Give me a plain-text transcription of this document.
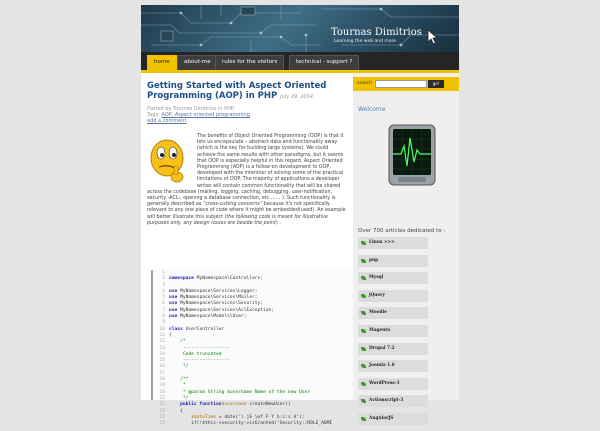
Tournas Dimitrios
Learning the web and more
home	about-me	rules for the visitors	technical - support ?
Getting Started with Aspect Oriented Programming (AOP) in PHP July 29, 2014
Posted by Tournas Dimitrios in PHP.
Tags: AOP, Aspect oriented programming
add a comment
The benefits of Object Oriented Programming (OOP) is that it lets us encapsulate – abstract data and functionality away (which is the key for building large systems). We could achieve the same results with other paradigms, but it seems that OOP is especially helpful in this regard. Aspect Oriented Programming (AOP) is a follow-on development to OOP, developed with the intention of solving some of the practical limitations of OOP. The majority of applications a developer writes will contain common functionality that will be shared across the codebase (mailing, logging, caching, debugging, user-notification, security -ACL-, opening a database connection, etc.…… ). Such functionality is generally described as “cross-cutting concerns” because it's not specifically relevant to any one piece of code where it might be embedded(used). An example will better illustrate this subject (the following code is meant for illustrative purposes only, any design issues are beside the point) :
1
2 namespace MyNamespace\Controllers;
3
4 use MyNamespace\Services\Logger;
5 use MyNamespace\Services\Mailer;
6 use MyNamespace\Services\Security;
7 use MyNamespace\Services\AclException;
8 use MyNamespace\Models\User;
9
10 class UserController
11 {
12    /*
13     -----------------
14     Code truncated
15     -----------------
16     */
17
18    /**
19     *
20     * @param String $username Name of the new User
21     */
22    public function$username createNewUser()
23    {
24        $dateTime = date('l jS \of F Y h:i:s A');
25        if(!$this->security->isGranted('Security::ROLE_ADMI
search	go!
Welcome
Over 700 articles dedicated to :
Linux >>>
pnp
Mysql
jQuery
Moodle
Magento
Drupal 7.2
Joomla 1.6
WordPress-3
Actionscript-3
AngularJS
